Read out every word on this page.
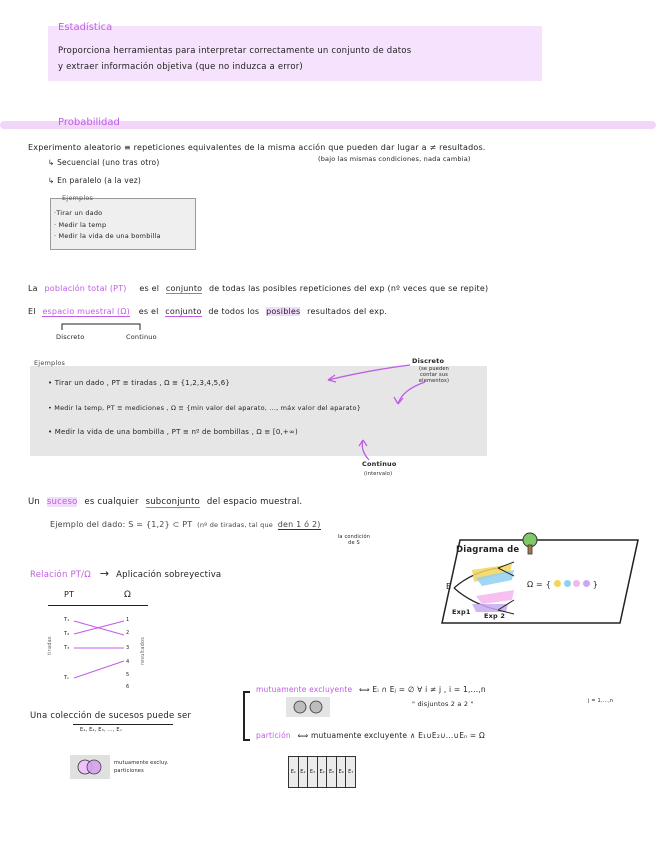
Estadística
Proporciona herramientas para interpretar correctamente un conjunto de datos
y extraer información objetiva (que no induzca a error)
Probabilidad
Experimento aleatorio ≡ repeticiones equivalentes de la misma acción que pueden dar lugar a ≠ resultados.
(bajo las mismas condiciones, nada cambia)
↳ Secuencial (uno tras otro)
↳ En paralelo (a la vez)
Ejemplos
·Tirar un dado
· Medir la temp
· Medir la vida de una bombilla
La población total (PT) es el conjunto de todas las posibles repeticiones del exp (nº veces que se repite)
El espacio muestral (Ω) es el conjunto de todos los posibles resultados del exp.
Discreto	Continuo
Ejemplos
• Tirar un dado , PT ≡ tiradas , Ω ≡ {1,2,3,4,5,6}
• Medir la temp, PT ≡ mediciones , Ω ≡ {min valor del aparato, ..., máx valor del aparato}
• Medir la vida de una bombilla , PT ≡ nº de bombillas , Ω ≡ [0,+∞)
Discreto
(se pueden contar sus elementos)
Continuo
(intervalo)
Un suceso es cualquier subconjunto del espacio muestral.
Ejemplo del dado: S = {1,2} ⊂ PT (nº de tiradas, tal que den 1 ó 2)
la condición de S
Diagrama de
E	Ω = {	}
Exp1 Exp 2
Relación PT/Ω → Aplicación sobreyectiva
PT	Ω
T₁
T₂
T₃
Tₙ
tiradas
1
2
3
4
5
6
resultados
Una colección de sucesos puede ser
E₁, E₂, E₃, ..., Eₙ
mutuamente excluyente ⟺ Eᵢ ∩ Eⱼ = ∅ ∀ i ≠ j , i = 1,...,n
j = 1,...,n
" disjuntos 2 a 2 "
partición ⟺ mutuamente excluyente ∧ E₁∪E₂∪...∪Eₙ = Ω
mutuamente excluy.
particiones	E₁ E₂ E₃ E₄ E₅ E₆ E₇
